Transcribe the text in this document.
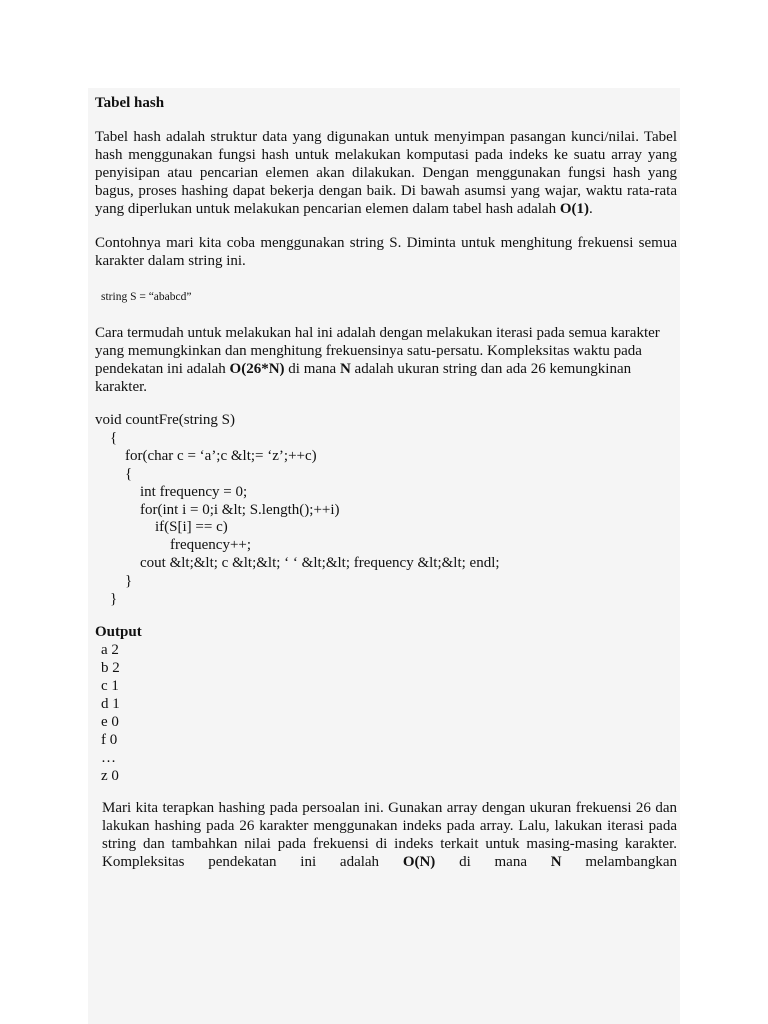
Tabel hash

Tabel hash adalah struktur data yang digunakan untuk menyimpan pasangan kunci/nilai. Tabel hash menggunakan fungsi hash untuk melakukan komputasi pada indeks ke suatu array yang penyisipan atau pencarian elemen akan dilakukan. Dengan menggunakan fungsi hash yang bagus, proses hashing dapat bekerja dengan baik. Di bawah asumsi yang wajar, waktu rata-rata yang diperlukan untuk melakukan pencarian elemen dalam tabel hash adalah O(1).

Contohnya mari kita coba menggunakan string S. Diminta untuk menghitung frekuensi semua karakter dalam string ini.

string S = “ababcd”

Cara termudah untuk melakukan hal ini adalah dengan melakukan iterasi pada semua karakter yang memungkinkan dan menghitung frekuensinya satu-persatu. Kompleksitas waktu pada pendekatan ini adalah O(26*N) di mana N adalah ukuran string dan ada 26 kemungkinan karakter.

void countFre(string S)
{
for(char c = ‘a’;c &lt;= ‘z’;++c)
{
int frequency = 0;
for(int i = 0;i &lt; S.length();++i)
if(S[i] == c)
frequency++;
cout &lt;&lt; c &lt;&lt; ‘ ‘ &lt;&lt; frequency &lt;&lt; endl;
}
}

Output

a 2
b 2
c 1
d 1
e 0
f 0
…
z 0

Mari kita terapkan hashing pada persoalan ini. Gunakan array dengan ukuran frekuensi 26 dan lakukan hashing pada 26 karakter menggunakan indeks pada array. Lalu, lakukan iterasi pada string dan tambahkan nilai pada frekuensi di indeks terkait untuk masing-masing karakter. Kompleksitas pendekatan ini adalah O(N) di mana N melambangkan
